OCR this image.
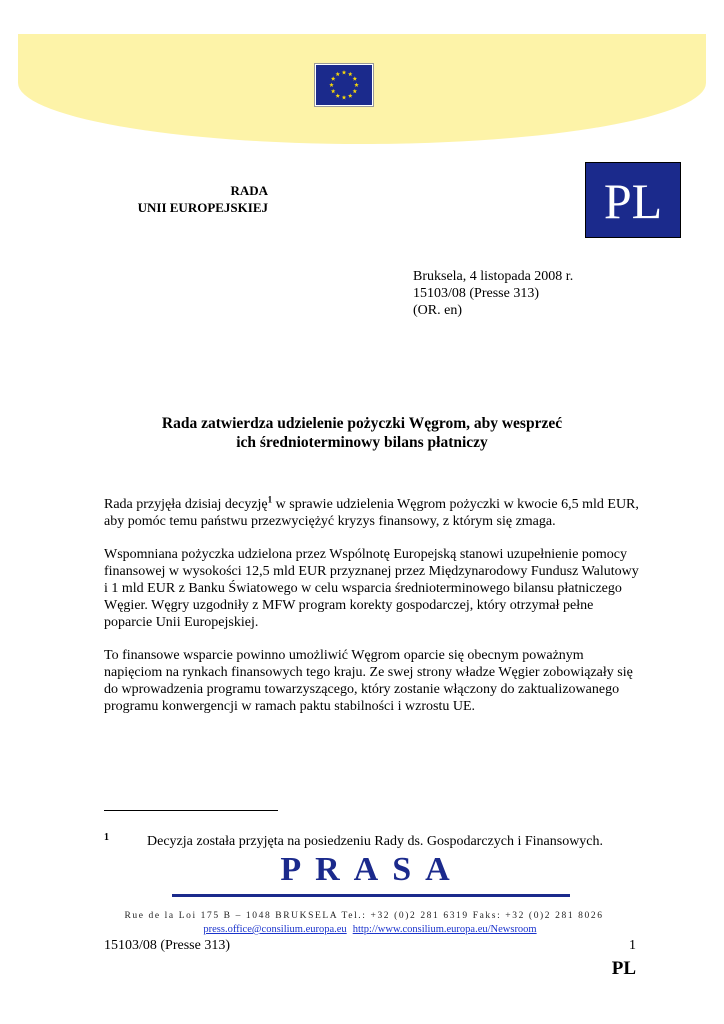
RADA
UNII EUROPEJSKIEJ	PL
Bruksela, 4 listopada 2008 r.
15103/08 (Presse 313)
(OR. en)
Rada zatwierdza udzielenie pożyczki Węgrom, aby wesprzeć
ich średnioterminowy bilans płatniczy

Rada przyjęła dzisiaj decyzję$^1$ w sprawie udzielenia Węgrom pożyczki w kwocie 6,5 mld EUR, aby pomóc temu państwu przezwyciężyć kryzys finansowy, z którym się zmaga.

Wspomniana pożyczka udzielona przez Wspólnotę Europejską stanowi uzupełnienie pomocy finansowej w wysokości 12,5 mld EUR przyznanej przez Międzynarodowy Fundusz Walutowy i 1 mld EUR z Banku Światowego w celu wsparcia średnioterminowego bilansu płatniczego Węgier. Węgry uzgodniły z MFW program korekty gospodarczej, który otrzymał pełne poparcie Unii Europejskiej.

To finansowe wsparcie powinno umożliwić Węgrom oparcie się obecnym poważnym napięciom na rynkach finansowych tego kraju. Ze swej strony władze Węgier zobowiązały się do wprowadzenia programu towarzyszącego, który zostanie włączony do zaktualizowanego programu konwergencji w ramach paktu stabilności i wzrostu UE.

1	Decyzja została przyjęta na posiedzeniu Rady ds. Gospodarczych i Finansowych.
PRASA
Rue de la Loi 175 B – 1048 BRUKSELA Tel.: +32 (0)2 281 6319 Faks: +32 (0)2 281 8026
press.office@consilium.europa.eu http://www.consilium.europa.eu/Newsroom
15103/08 (Presse 313)	1
PL
